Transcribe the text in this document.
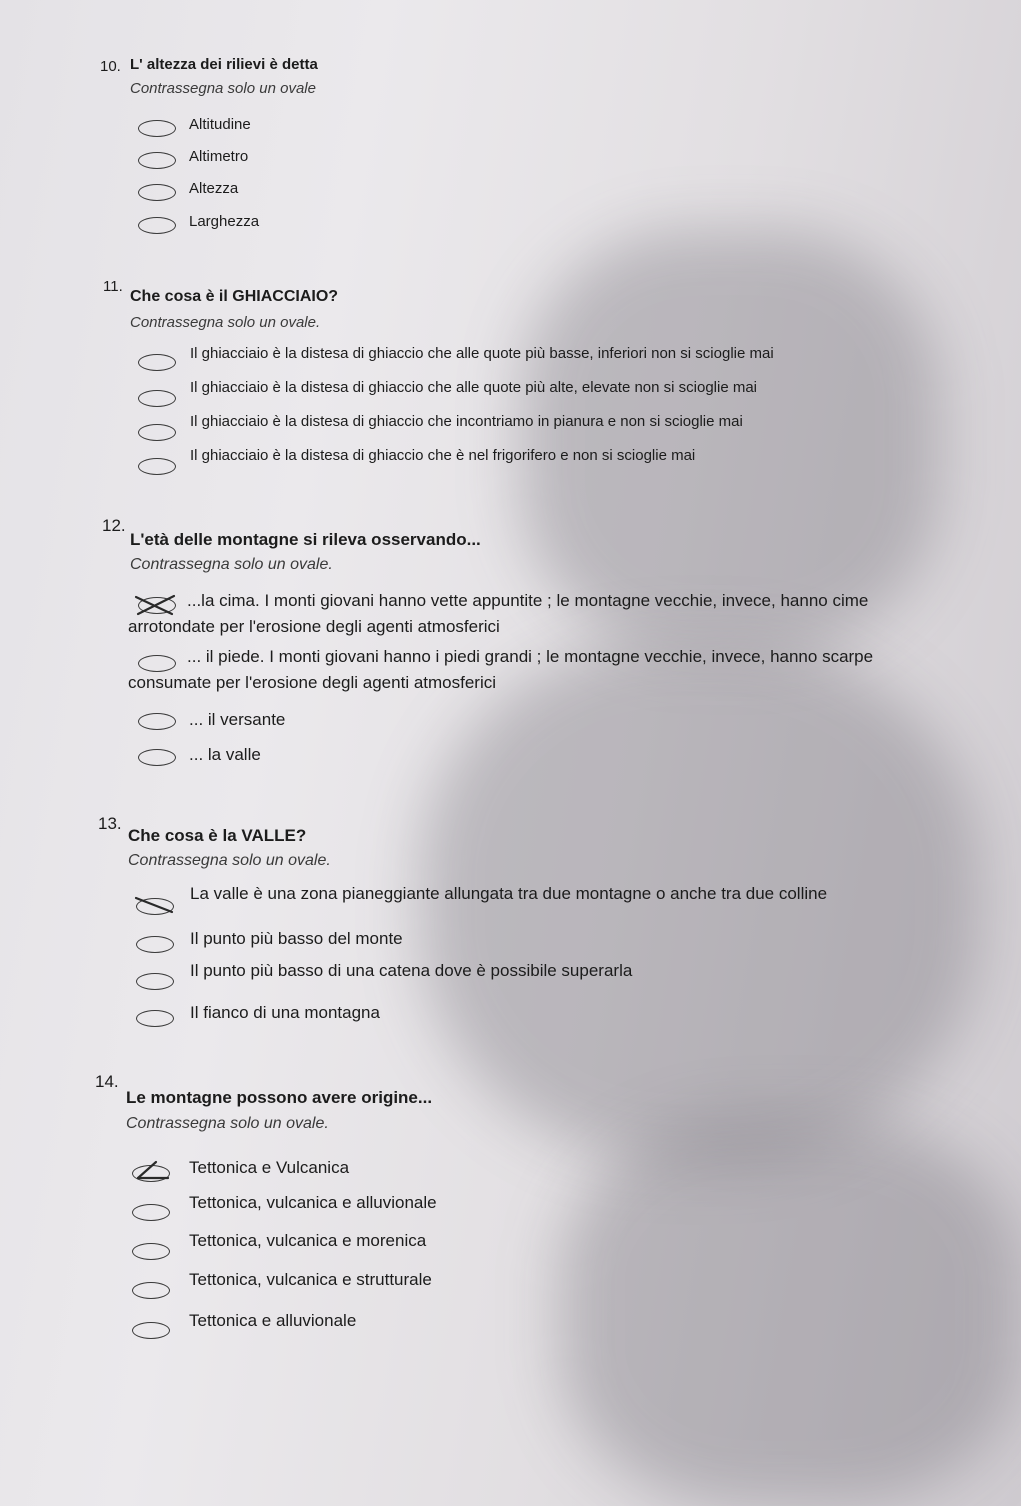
10. L' altezza dei rilievi è detta
Contrassegna solo un ovale
Altitudine
Altimetro
Altezza
Larghezza
11.
Che cosa è il GHIACCIAIO?
Contrassegna solo un ovale.
Il ghiacciaio è la distesa di ghiaccio che alle quote più basse, inferiori non si scioglie mai
Il ghiacciaio è la distesa di ghiaccio che alle quote più alte, elevate non si scioglie mai
Il ghiacciaio è la distesa di ghiaccio che incontriamo in pianura e non si scioglie mai
Il ghiacciaio è la distesa di ghiaccio che è nel frigorifero e non si scioglie mai
12.
L'età delle montagne si rileva osservando...
Contrassegna solo un ovale.
...la cima. I monti giovani hanno vette appuntite ; le montagne vecchie, invece, hanno cime arrotondate per l'erosione degli agenti atmosferici
... il piede. I monti giovani hanno i piedi grandi ; le montagne vecchie, invece, hanno scarpe consumate per l'erosione degli agenti atmosferici
... il versante
... la valle
13.
Che cosa è la VALLE?
Contrassegna solo un ovale.
La valle è una zona pianeggiante allungata tra due montagne o anche tra due colline
Il punto più basso del monte
Il punto più basso di una catena dove è possibile superarla
Il fianco di una montagna
14.
Le montagne possono avere origine...
Contrassegna solo un ovale.
Tettonica e Vulcanica
Tettonica, vulcanica e alluvionale
Tettonica, vulcanica e morenica
Tettonica, vulcanica e strutturale
Tettonica e alluvionale
